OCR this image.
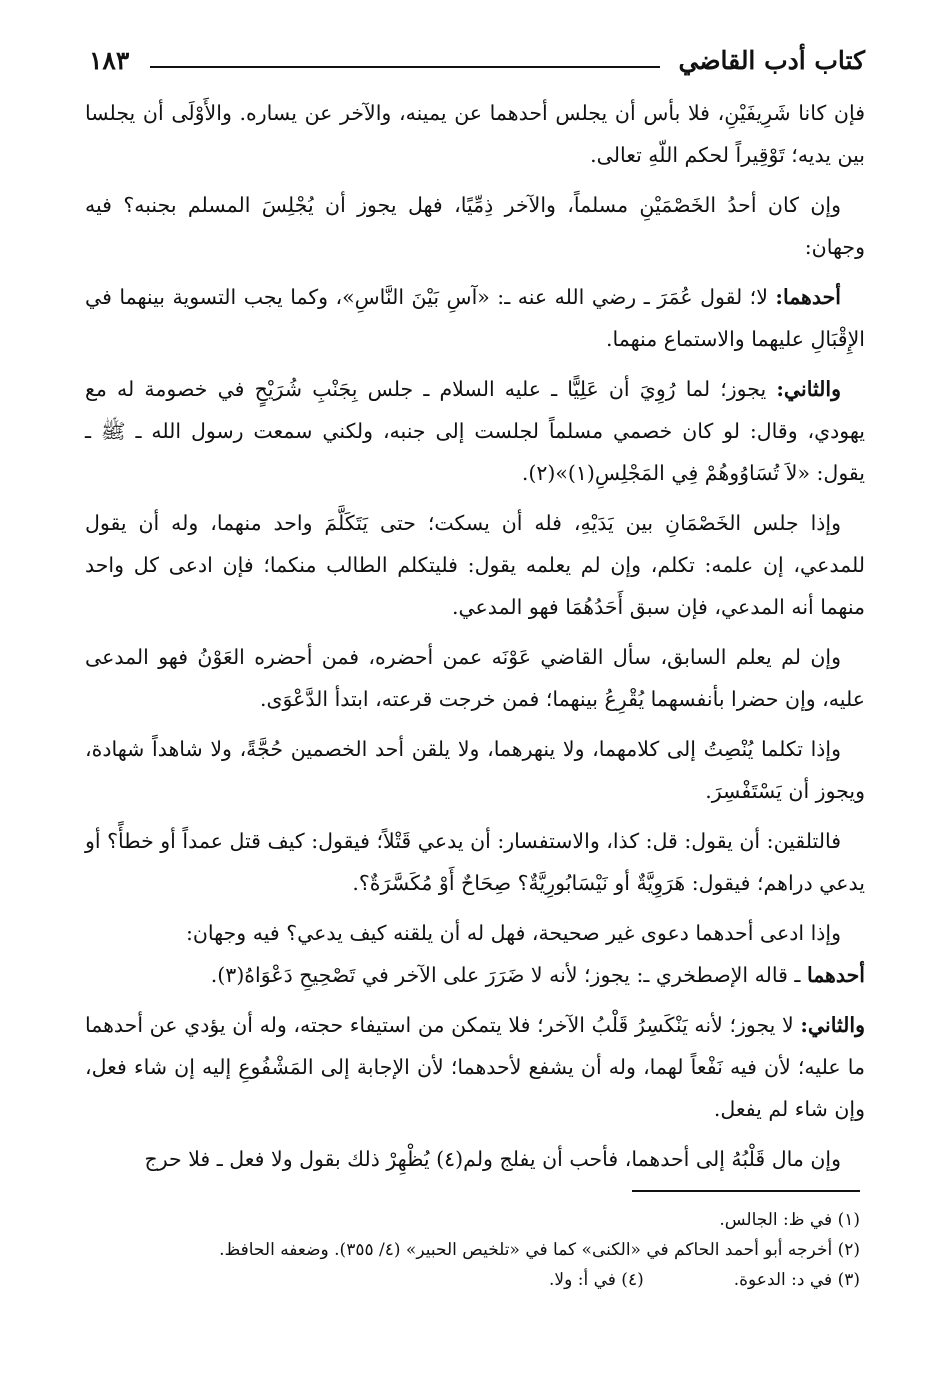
كتاب أدب القاضي
١٨٣

فإن كانا شَرِيفَيْنِ، فلا بأس أن يجلس أحدهما عن يمينه، والآخر عن يساره. والأَوْلَى أن يجلسا بين يديه؛ تَوْقِيراً لحكم اللّهِ تعالى.

وإن كان أحدُ الخَصْمَيْنِ مسلماً، والآخر ذِمِّيًا، فهل يجوز أن يُجْلِسَ المسلم بجنبه؟ فيه وجهان:

أحدهما: لا؛ لقول عُمَرَ ـ رضي الله عنه ـ: «آسِ بَيْنَ النَّاسِ»، وكما يجب التسوية بينهما في الإِقْبَالِ عليهما والاستماع منهما.

والثاني: يجوز؛ لما رُوِيَ أن عَلِيًّا ـ عليه السلام ـ جلس بِجَنْبِ شُرَيْحٍ في خصومة له مع يهودي، وقال: لو كان خصمي مسلماً لجلست إلى جنبه، ولكني سمعت رسول الله ـ ﷺ ـ يقول: «لاَ تُسَاوُوهُمْ فِي المَجْلِسِ(١)»(٢).

وإذا جلس الخَصْمَانِ بين يَدَيْهِ، فله أن يسكت؛ حتى يَتَكَلَّمَ واحد منهما، وله أن يقول للمدعي، إن علمه: تكلم، وإن لم يعلمه يقول: فليتكلم الطالب منكما؛ فإن ادعى كل واحد منهما أنه المدعي، فإن سبق أَحَدُهُمَا فهو المدعي.

وإن لم يعلم السابق، سأل القاضي عَوْنَه عمن أحضره، فمن أحضره العَوْنُ فهو المدعى عليه، وإن حضرا بأنفسهما يُقْرِعُ بينهما؛ فمن خرجت قرعته، ابتدأ الدَّعْوَى.

وإذا تكلما يُنْصِتُ إلى كلامهما، ولا ينهرهما، ولا يلقن أحد الخصمين حُجَّةً، ولا شاهداً شهادة، ويجوز أن يَسْتَفْسِرَ.

فالتلقين: أن يقول: قل: كذا، والاستفسار: أن يدعي قَتْلاً؛ فيقول: كيف قتل عمداً أو خطأً؟ أو يدعي دراهم؛ فيقول: هَرَوِيَّةٌ أو نَيْسَابُورِيَّةٌ؟ صِحَاحٌ أَوْ مُكَسَّرَةٌ؟.

وإذا ادعى أحدهما دعوى غير صحيحة، فهل له أن يلقنه كيف يدعي؟ فيه وجهان:

أحدهما ـ قاله الإصطخري ـ: يجوز؛ لأنه لا ضَرَرَ على الآخر في تَصْحِيحِ دَعْوَاهُ(٣).

والثاني: لا يجوز؛ لأنه يَنْكَسِرُ قَلْبُ الآخر؛ فلا يتمكن من استيفاء حجته، وله أن يؤدي عن أحدهما ما عليه؛ لأن فيه نَفْعاً لهما، وله أن يشفع لأحدهما؛ لأن الإجابة إلى المَشْفُوعِ إليه إن شاء فعل، وإن شاء لم يفعل.

وإن مال قَلْبُهُ إلى أحدهما، فأحب أن يفلج ولم(٤) يُظْهِرْ ذلك بقول ولا فعل ـ فلا حرج

(١) في ظ: الجالس.
(٢) أخرجه أبو أحمد الحاكم في «الكنى» كما في «تلخيص الحبير» (٤/ ٣٥٥). وضعفه الحافظ.
(٣) في د: الدعوة.
(٤) في أ: ولا.
